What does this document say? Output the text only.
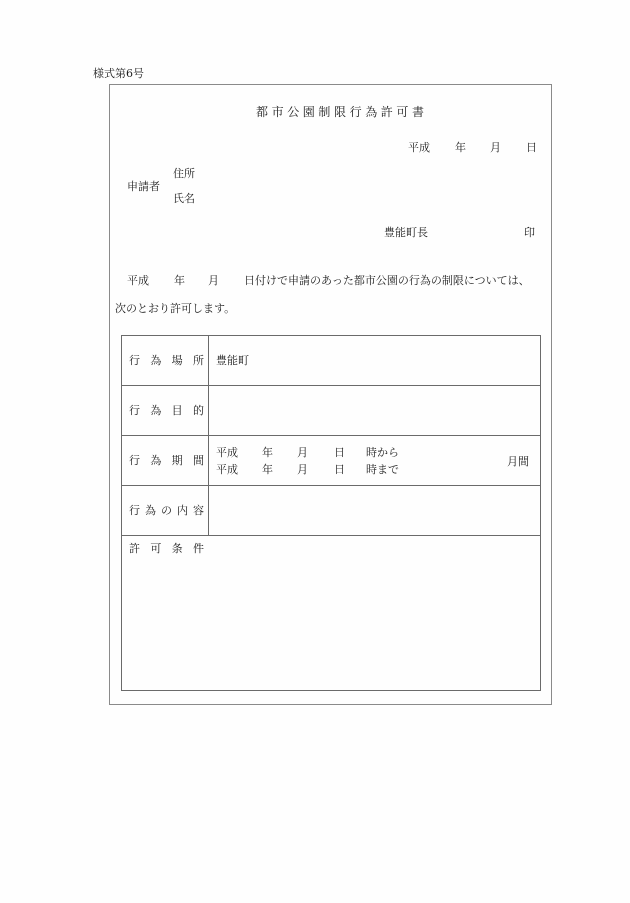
様式第6号
都市公園制限行為許可書
平成 年 月 日
申請者
住所
氏名
豊能町長	印
平成 年 月 日付けで申請のあった都市公園の行為の制限については、
次のとおり許可します。
行 為 場 所 豊能町
行 為 目 的
行 為 期 間
平成 年 月 日 時から
平成 年 月 日 時まで
月間
行 為 の 内 容
許 可 条 件
